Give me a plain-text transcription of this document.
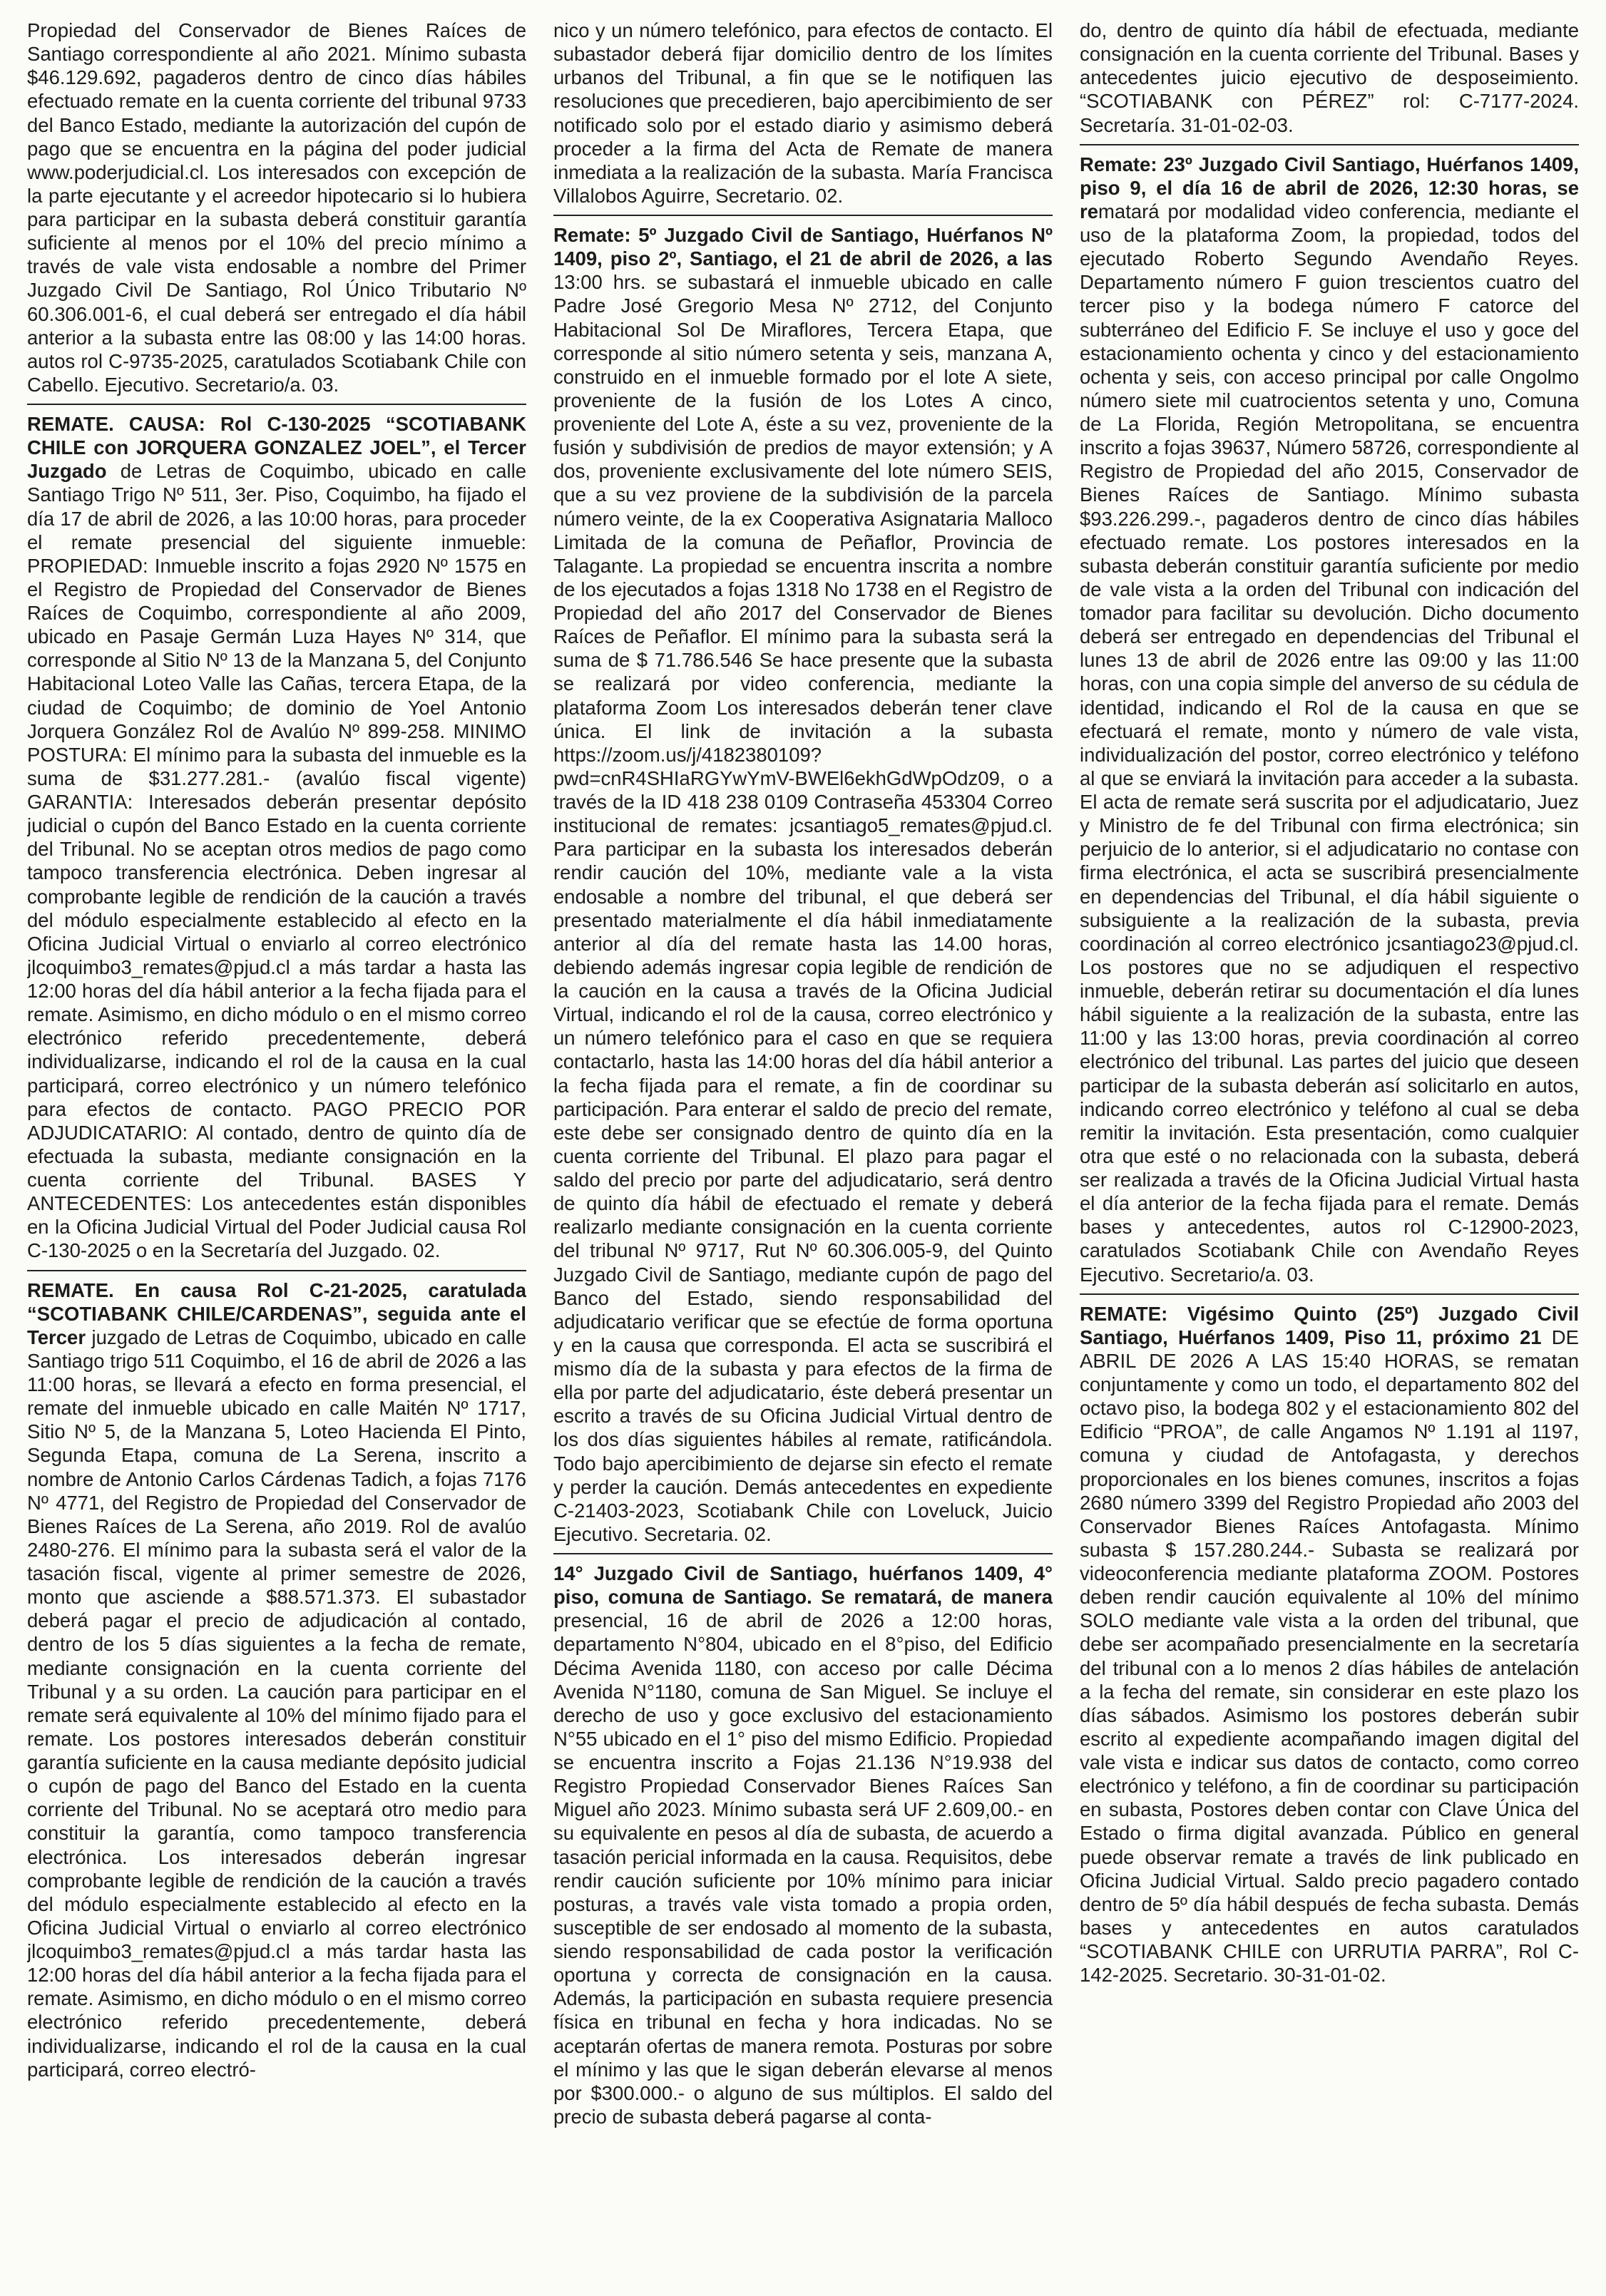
Propiedad del Conservador de Bienes Raíces de Santiago correspondiente al año 2021. Mínimo subasta $46.129.692, pagaderos dentro de cinco días hábiles efectuado remate en la cuenta corriente del tribunal 9733 del Banco Estado, mediante la autorización del cupón de pago que se encuentra en la página del poder judicial www.poderjudicial.cl. Los interesados con excepción de la parte ejecutante y el acreedor hipotecario si lo hubiera para participar en la subasta deberá constituir garantía suficiente al menos por el 10% del precio mínimo a través de vale vista endosable a nombre del Primer Juzgado Civil De Santiago, Rol Único Tributario Nº 60.306.001-6, el cual deberá ser entregado el día hábil anterior a la subasta entre las 08:00 y las 14:00 horas. autos rol C-9735-2025, caratulados Scotiabank Chile con Cabello. Ejecutivo. Secretario/a. 03.

REMATE. CAUSA: Rol C-130-2025 “SCOTIABANK CHILE con JORQUERA GONZALEZ JOEL”, el Tercer Juzgado de Letras de Coquimbo, ubicado en calle Santiago Trigo Nº 511, 3er. Piso, Coquimbo, ha fijado el día 17 de abril de 2026, a las 10:00 horas, para proceder el remate presencial del siguiente inmueble: PROPIEDAD: Inmueble inscrito a fojas 2920 Nº 1575 en el Registro de Propiedad del Conservador de Bienes Raíces de Coquimbo, correspondiente al año 2009, ubicado en Pasaje Germán Luza Hayes Nº 314, que corresponde al Sitio Nº 13 de la Manzana 5, del Conjunto Habitacional Loteo Valle las Cañas, tercera Etapa, de la ciudad de Coquimbo; de dominio de Yoel Antonio Jorquera González Rol de Avalúo Nº 899-258. MINIMO POSTURA: El mínimo para la subasta del inmueble es la suma de $31.277.281.- (avalúo fiscal vigente) GARANTIA: Interesados deberán presentar depósito judicial o cupón del Banco Estado en la cuenta corriente del Tribunal. No se aceptan otros medios de pago como tampoco transferencia electrónica. Deben ingresar al comprobante legible de rendición de la caución a través del módulo especialmente establecido al efecto en la Oficina Judicial Virtual o enviarlo al correo electrónico jlcoquimbo3_remates@pjud.cl a más tardar a hasta las 12:00 horas del día hábil anterior a la fecha fijada para el remate. Asimismo, en dicho módulo o en el mismo correo electrónico referido precedentemente, deberá individualizarse, indicando el rol de la causa en la cual participará, correo electrónico y un número telefónico para efectos de contacto. PAGO PRECIO POR ADJUDICATARIO: Al contado, dentro de quinto día de efectuada la subasta, mediante consignación en la cuenta corriente del Tribunal. BASES Y ANTECEDENTES: Los antecedentes están disponibles en la Oficina Judicial Virtual del Poder Judicial causa Rol C-130-2025 o en la Secretaría del Juzgado. 02.

REMATE. En causa Rol C-21-2025, caratulada “SCOTIABANK CHILE/CARDENAS”, seguida ante el Tercer juzgado de Letras de Coquimbo, ubicado en calle Santiago trigo 511 Coquimbo, el 16 de abril de 2026 a las 11:00 horas, se llevará a efecto en forma presencial, el remate del inmueble ubicado en calle Maitén Nº 1717, Sitio Nº 5, de la Manzana 5, Loteo Hacienda El Pinto, Segunda Etapa, comuna de La Serena, inscrito a nombre de Antonio Carlos Cárdenas Tadich, a fojas 7176 Nº 4771, del Registro de Propiedad del Conservador de Bienes Raíces de La Serena, año 2019. Rol de avalúo 2480-276. El mínimo para la subasta será el valor de la tasación fiscal, vigente al primer semestre de 2026, monto que asciende a $88.571.373. El subastador deberá pagar el precio de adjudicación al contado, dentro de los 5 días siguientes a la fecha de remate, mediante consignación en la cuenta corriente del Tribunal y a su orden. La caución para participar en el remate será equivalente al 10% del mínimo fijado para el remate. Los postores interesados deberán constituir garantía suficiente en la causa mediante depósito judicial o cupón de pago del Banco del Estado en la cuenta corriente del Tribunal. No se aceptará otro medio para constituir la garantía, como tampoco transferencia electrónica. Los interesados deberán ingresar comprobante legible de rendición de la caución a través del módulo especialmente establecido al efecto en la Oficina Judicial Virtual o enviarlo al correo electrónico jlcoquimbo3_remates@pjud.cl a más tardar hasta las 12:00 horas del día hábil anterior a la fecha fijada para el remate. Asimismo, en dicho módulo o en el mismo correo electrónico referido precedentemente, deberá individualizarse, indicando el rol de la causa en la cual participará, correo electró-

nico y un número telefónico, para efectos de contacto. El subastador deberá fijar domicilio dentro de los límites urbanos del Tribunal, a fin que se le notifiquen las resoluciones que precedieren, bajo apercibimiento de ser notificado solo por el estado diario y asimismo deberá proceder a la firma del Acta de Remate de manera inmediata a la realización de la subasta. María Francisca Villalobos Aguirre, Secretario. 02.

Remate: 5º Juzgado Civil de Santiago, Huérfanos Nº 1409, piso 2º, Santiago, el 21 de abril de 2026, a las 13:00 hrs. se subastará el inmueble ubicado en calle Padre José Gregorio Mesa Nº 2712, del Conjunto Habitacional Sol De Miraflores, Tercera Etapa, que corresponde al sitio número setenta y seis, manzana A, construido en el inmueble formado por el lote A siete, proveniente de la fusión de los Lotes A cinco, proveniente del Lote A, éste a su vez, proveniente de la fusión y subdivisión de predios de mayor extensión; y A dos, proveniente exclusivamente del lote número SEIS, que a su vez proviene de la subdivisión de la parcela número veinte, de la ex Cooperativa Asignataria Malloco Limitada de la comuna de Peñaflor, Provincia de Talagante. La propiedad se encuentra inscrita a nombre de los ejecutados a fojas 1318 No 1738 en el Registro de Propiedad del año 2017 del Conservador de Bienes Raíces de Peñaflor. El mínimo para la subasta será la suma de $ 71.786.546 Se hace presente que la subasta se realizará por video conferencia, mediante la plataforma Zoom Los interesados deberán tener clave única. El link de invitación a la subasta https://zoom.us/j/4182380109?pwd=cnR4SHIaRGYwYmV-BWEl6ekhGdWpOdz09, o a través de la ID 418 238 0109 Contraseña 453304 Correo institucional de remates: jcsantiago5_remates@pjud.cl. Para participar en la subasta los interesados deberán rendir caución del 10%, mediante vale a la vista endosable a nombre del tribunal, el que deberá ser presentado materialmente el día hábil inmediatamente anterior al día del remate hasta las 14.00 horas, debiendo además ingresar copia legible de rendición de la caución en la causa a través de la Oficina Judicial Virtual, indicando el rol de la causa, correo electrónico y un número telefónico para el caso en que se requiera contactarlo, hasta las 14:00 horas del día hábil anterior a la fecha fijada para el remate, a fin de coordinar su participación. Para enterar el saldo de precio del remate, este debe ser consignado dentro de quinto día en la cuenta corriente del Tribunal. El plazo para pagar el saldo del precio por parte del adjudicatario, será dentro de quinto día hábil de efectuado el remate y deberá realizarlo mediante consignación en la cuenta corriente del tribunal Nº 9717, Rut Nº 60.306.005-9, del Quinto Juzgado Civil de Santiago, mediante cupón de pago del Banco del Estado, siendo responsabilidad del adjudicatario verificar que se efectúe de forma oportuna y en la causa que corresponda. El acta se suscribirá el mismo día de la subasta y para efectos de la firma de ella por parte del adjudicatario, éste deberá presentar un escrito a través de su Oficina Judicial Virtual dentro de los dos días siguientes hábiles al remate, ratificándola. Todo bajo apercibimiento de dejarse sin efecto el remate y perder la caución. Demás antecedentes en expediente C-21403-2023, Scotiabank Chile con Loveluck, Juicio Ejecutivo. Secretaria. 02.

14° Juzgado Civil de Santiago, huérfanos 1409, 4° piso, comuna de Santiago. Se rematará, de manera presencial, 16 de abril de 2026 a 12:00 horas, departamento N°804, ubicado en el 8°piso, del Edificio Décima Avenida 1180, con acceso por calle Décima Avenida N°1180, comuna de San Miguel. Se incluye el derecho de uso y goce exclusivo del estacionamiento N°55 ubicado en el 1° piso del mismo Edificio. Propiedad se encuentra inscrito a Fojas 21.136 N°19.938 del Registro Propiedad Conservador Bienes Raíces San Miguel año 2023. Mínimo subasta será UF 2.609,00.- en su equivalente en pesos al día de subasta, de acuerdo a tasación pericial informada en la causa. Requisitos, debe rendir caución suficiente por 10% mínimo para iniciar posturas, a través vale vista tomado a propia orden, susceptible de ser endosado al momento de la subasta, siendo responsabilidad de cada postor la verificación oportuna y correcta de consignación en la causa. Además, la participación en subasta requiere presencia física en tribunal en fecha y hora indicadas. No se aceptarán ofertas de manera remota. Posturas por sobre el mínimo y las que le sigan deberán elevarse al menos por $300.000.- o alguno de sus múltiplos. El saldo del precio de subasta deberá pagarse al conta-

do, dentro de quinto día hábil de efectuada, mediante consignación en la cuenta corriente del Tribunal. Bases y antecedentes juicio ejecutivo de desposeimiento. “SCOTIABANK con PÉREZ” rol: C-7177-2024. Secretaría. 31-01-02-03.

Remate: 23º Juzgado Civil Santiago, Huérfanos 1409, piso 9, el día 16 de abril de 2026, 12:30 horas, se rematará por modalidad video conferencia, mediante el uso de la plataforma Zoom, la propiedad, todos del ejecutado Roberto Segundo Avendaño Reyes. Departamento número F guion trescientos cuatro del tercer piso y la bodega número F catorce del subterráneo del Edificio F. Se incluye el uso y goce del estacionamiento ochenta y cinco y del estacionamiento ochenta y seis, con acceso principal por calle Ongolmo número siete mil cuatrocientos setenta y uno, Comuna de La Florida, Región Metropolitana, se encuentra inscrito a fojas 39637, Número 58726, correspondiente al Registro de Propiedad del año 2015, Conservador de Bienes Raíces de Santiago. Mínimo subasta $93.226.299.-, pagaderos dentro de cinco días hábiles efectuado remate. Los postores interesados en la subasta deberán constituir garantía suficiente por medio de vale vista a la orden del Tribunal con indicación del tomador para facilitar su devolución. Dicho documento deberá ser entregado en dependencias del Tribunal el lunes 13 de abril de 2026 entre las 09:00 y las 11:00 horas, con una copia simple del anverso de su cédula de identidad, indicando el Rol de la causa en que se efectuará el remate, monto y número de vale vista, individualización del postor, correo electrónico y teléfono al que se enviará la invitación para acceder a la subasta. El acta de remate será suscrita por el adjudicatario, Juez y Ministro de fe del Tribunal con firma electrónica; sin perjuicio de lo anterior, si el adjudicatario no contase con firma electrónica, el acta se suscribirá presencialmente en dependencias del Tribunal, el día hábil siguiente o subsiguiente a la realización de la subasta, previa coordinación al correo electrónico jcsantiago23@pjud.cl. Los postores que no se adjudiquen el respectivo inmueble, deberán retirar su documentación el día lunes hábil siguiente a la realización de la subasta, entre las 11:00 y las 13:00 horas, previa coordinación al correo electrónico del tribunal. Las partes del juicio que deseen participar de la subasta deberán así solicitarlo en autos, indicando correo electrónico y teléfono al cual se deba remitir la invitación. Esta presentación, como cualquier otra que esté o no relacionada con la subasta, deberá ser realizada a través de la Oficina Judicial Virtual hasta el día anterior de la fecha fijada para el remate. Demás bases y antecedentes, autos rol C-12900-2023, caratulados Scotiabank Chile con Avendaño Reyes Ejecutivo. Secretario/a. 03.

REMATE: Vigésimo Quinto (25º) Juzgado Civil Santiago, Huérfanos 1409, Piso 11, próximo 21 DE ABRIL DE 2026 A LAS 15:40 HORAS, se rematan conjuntamente y como un todo, el departamento 802 del octavo piso, la bodega 802 y el estacionamiento 802 del Edificio “PROA”, de calle Angamos Nº 1.191 al 1197, comuna y ciudad de Antofagasta, y derechos proporcionales en los bienes comunes, inscritos a fojas 2680 número 3399 del Registro Propiedad año 2003 del Conservador Bienes Raíces Antofagasta. Mínimo subasta $ 157.280.244.- Subasta se realizará por videoconferencia mediante plataforma ZOOM. Postores deben rendir caución equivalente al 10% del mínimo SOLO mediante vale vista a la orden del tribunal, que debe ser acompañado presencialmente en la secretaría del tribunal con a lo menos 2 días hábiles de antelación a la fecha del remate, sin considerar en este plazo los días sábados. Asimismo los postores deberán subir escrito al expediente acompañando imagen digital del vale vista e indicar sus datos de contacto, como correo electrónico y teléfono, a fin de coordinar su participación en subasta, Postores deben contar con Clave Única del Estado o firma digital avanzada. Público en general puede observar remate a través de link publicado en Oficina Judicial Virtual. Saldo precio pagadero contado dentro de 5º día hábil después de fecha subasta. Demás bases y antecedentes en autos caratulados “SCOTIABANK CHILE con URRUTIA PARRA”, Rol C-142-2025. Secretario. 30-31-01-02.
